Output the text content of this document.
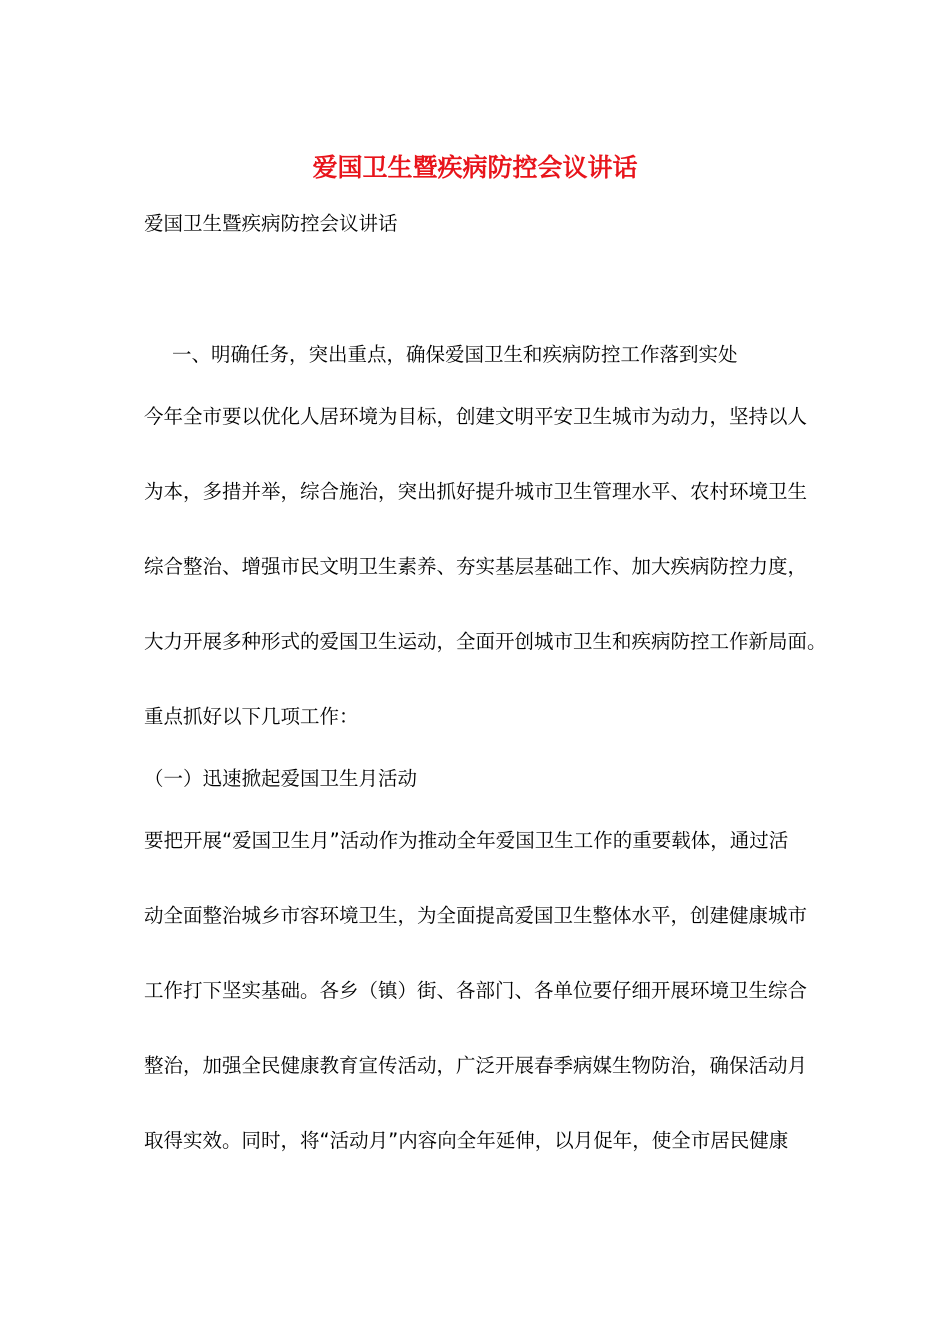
爱国卫生暨疾病防控会议讲话

爱国卫生暨疾病防控会议讲话

一、明确任务，突出重点，确保爱国卫生和疾病防控工作落到实处

今年全市要以优化人居环境为目标，创建文明平安卫生城市为动力，坚持以人

为本，多措并举，综合施治，突出抓好提升城市卫生管理水平、农村环境卫生

综合整治、增强市民文明卫生素养、夯实基层基础工作、加大疾病防控力度，

大力开展多种形式的爱国卫生运动，全面开创城市卫生和疾病防控工作新局面。

重点抓好以下几项工作：

（一）迅速掀起爱国卫生月活动

要把开展“爱国卫生月”活动作为推动全年爱国卫生工作的重要载体，通过活

动全面整治城乡市容环境卫生，为全面提高爱国卫生整体水平，创建健康城市

工作打下坚实基础。各乡（镇）街、各部门、各单位要仔细开展环境卫生综合

整治，加强全民健康教育宣传活动，广泛开展春季病媒生物防治，确保活动月

取得实效。同时，将“活动月”内容向全年延伸，以月促年，使全市居民健康
